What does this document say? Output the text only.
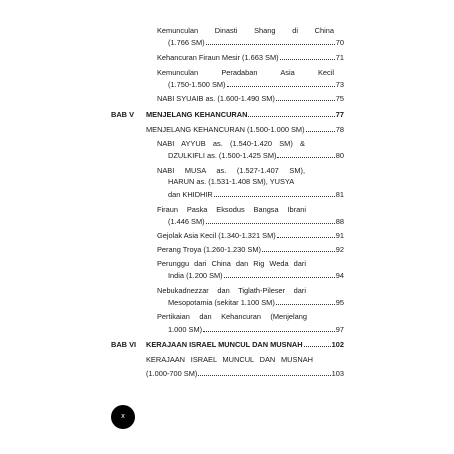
Kemunculan Dinasti Shang di China
(1.766 SM)	70
Kehancuran Firaun Mesir (1.663 SM)	71
Kemunculan Peradaban Asia Kecil
(1.750-1.500 SM)	73
NABI SYUAIB as. (1.600-1.490 SM)	75
BAB V MENJELANG KEHANCURAN	77
MENJELANG KEHANCURAN (1.500-1.000 SM)	78
NABI AYYUB as. (1.540-1.420 SM) &
DZULKIFLI as. (1.500-1.425 SM)	80
NABI MUSA as. (1.527-1.407 SM),
HARUN as. (1.531-1.408 SM), YUSYA
dan KHIDHIR	81
Firaun Paska Eksodus Bangsa Ibrani
(1.446 SM)	88
Gejolak Asia Kecil (1.340-1.321 SM)	91
Perang Troya (1.260-1.230 SM)	92
Perunggu dari China dan Rig Weda dari
India (1.200 SM)	94
Nebukadnezzar dan Tiglath-Pileser dari
Mesopotamia (sekitar 1.100 SM)	95
Pertikaian dan Kehancuran (Menjelang
1.000 SM)	97
BAB VI KERAJAAN ISRAEL MUNCUL DAN MUSNAH	102
KERAJAAN ISRAEL MUNCUL DAN MUSNAH
(1.000-700 SM)	103
x
